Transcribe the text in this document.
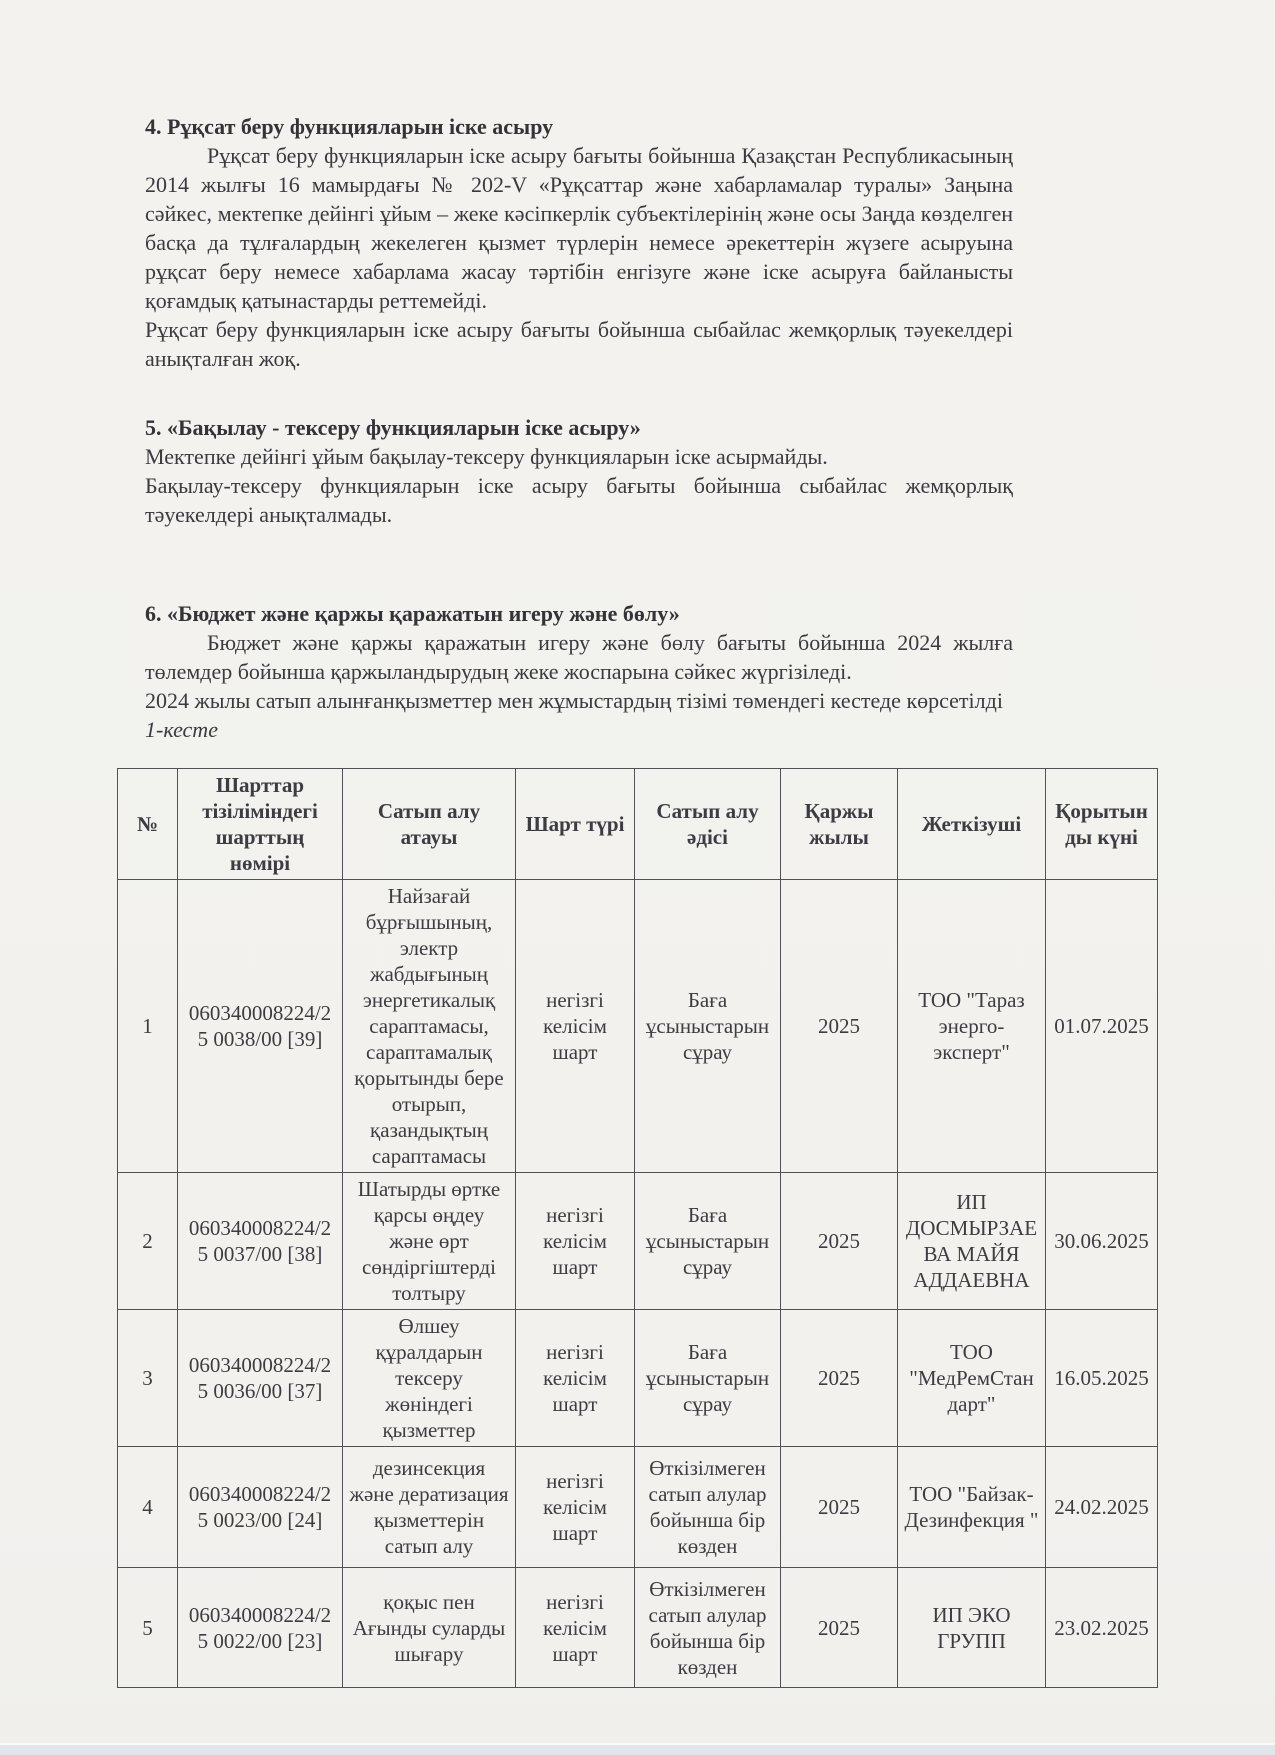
4. Рұқсат беру функцияларын іске асыру

Рұқсат беру функцияларын іске асыру бағыты бойынша Қазақстан Республикасының 2014 жылғы 16 мамырдағы № 202-V «Рұқсаттар және хабарламалар туралы» Заңына сәйкес, мектепке дейінгі ұйым – жеке кәсіпкерлік субъектілерінің және осы Заңда көзделген басқа да тұлғалардың жекелеген қызмет түрлерін немесе әрекеттерін жүзеге асыруына рұқсат беру немесе хабарлама жасау тәртібін енгізуге және іске асыруға байланысты қоғамдық қатынастарды реттемейді.

Рұқсат беру функцияларын іске асыру бағыты бойынша сыбайлас жемқорлық тәуекелдері анықталған жоқ.

5. «Бақылау - тексеру функцияларын іске асыру»

Мектепке дейінгі ұйым бақылау-тексеру функцияларын іске асырмайды.

Бақылау-тексеру функцияларын іске асыру бағыты бойынша сыбайлас жемқорлық тәуекелдері анықталмады.

6. «Бюджет және қаржы қаражатын игеру және бөлу»

Бюджет және қаржы қаражатын игеру және бөлу бағыты бойынша 2024 жылға төлемдер бойынша қаржыландырудың жеке жоспарына сәйкес жүргізіледі.

2024 жылы сатып алынғанқызметтер мен жұмыстардың тізімі төмендегі кестеде көрсетілді

1-кесте

№	Шарттар тізіліміндегі шарттың нөмірі	Сатып алу атауы	Шарт түрі	Сатып алу әдісі	Қаржы жылы	Жеткізуші	Қорытынды күні
1	060340008224/25 0038/00 [39]	Найзағай бұрғышының, электр жабдығының энергетикалық сараптамасы, сараптамалық қорытынды бере отырып, қазандықтың сараптамасы	негізгі келісім шарт	Баға ұсыныстарын сұрау	2025	ТОО "Тараз энерго-эксперт"	01.07.2025
2	060340008224/25 0037/00 [38]	Шатырды өртке қарсы өңдеу және өрт сөндіргіштерді толтыру	негізгі келісім шарт	Баға ұсыныстарын сұрау	2025	ИП ДОСМЫРЗАЕВА МАЙЯ АДДАЕВНА	30.06.2025
3	060340008224/25 0036/00 [37]	Өлшеу құралдарын тексеру жөніндегі қызметтер	негізгі келісім шарт	Баға ұсыныстарын сұрау	2025	ТОО "МедРемСтандарт"	16.05.2025
4	060340008224/25 0023/00 [24]	дезинсекция және дератизация қызметтерін сатып алу	негізгі келісім шарт	Өткізілмеген сатып алулар бойынша бір көзден	2025	ТОО "Байзак-Дезинфекция "	24.02.2025
5	060340008224/25 0022/00 [23]	қоқыс пен Ағынды суларды шығару	негізгі келісім шарт	Өткізілмеген сатып алулар бойынша бір көзден	2025	ИП ЭКО ГРУПП	23.02.2025
